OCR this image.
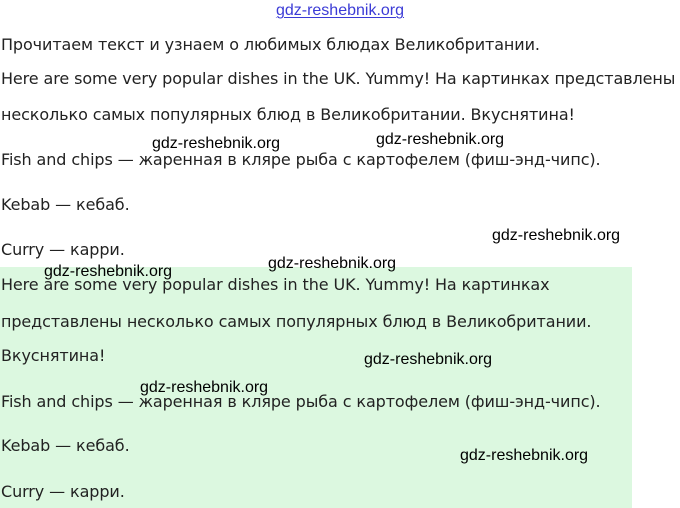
gdz-reshebnik.org
Прочитаем текст и узнаем о любимых блюдах Великобритании.
Here are some very popular dishes in the UK. Yummy! На картинках представлены
несколько самых популярных блюд в Великобритании. Вкуснятина!
Fish and chips — жаренная в кляре рыба с картофелем (фиш-энд-чипс).
Kebab — кебаб.
Curry — карри.
Here are some very popular dishes in the UK. Yummy! На картинках
представлены несколько самых популярных блюд в Великобритании.
Вкуснятина!
Fish and chips — жаренная в кляре рыба с картофелем (фиш-энд-чипс).
Kebab — кебаб.
Curry — карри.
gdz-reshebnik.org	gdz-reshebnik.org
gdz-reshebnik.org
gdz-reshebnik.org
gdz-reshebnik.org
gdz-reshebnik.org
gdz-reshebnik.org
gdz-reshebnik.org
